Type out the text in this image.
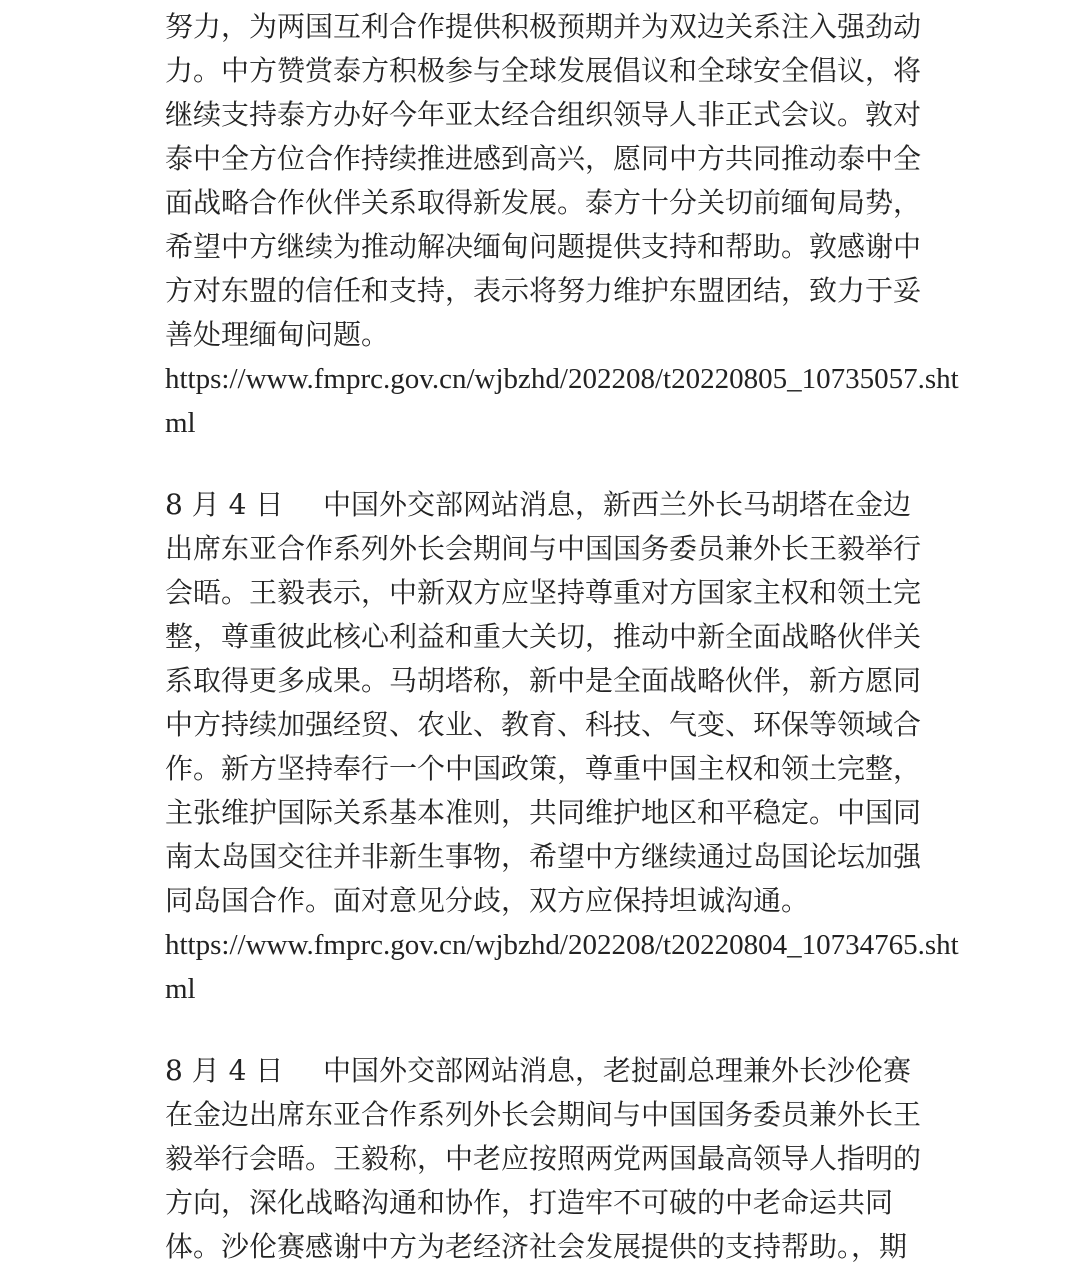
努力，为两国互利合作提供积极预期并为双边关系注入强劲动
力。中方赞赏泰方积极参与全球发展倡议和全球安全倡议，将
继续支持泰方办好今年亚太经合组织领导人非正式会议。敦对
泰中全方位合作持续推进感到高兴，愿同中方共同推动泰中全
面战略合作伙伴关系取得新发展。泰方十分关切前缅甸局势，
希望中方继续为推动解决缅甸问题提供支持和帮助。敦感谢中
方对东盟的信任和支持，表示将努力维护东盟团结，致力于妥
善处理缅甸问题。
https://www.fmprc.gov.cn/wjbzhd/202208/t20220805_10735057.sht
ml
8 月 4 日 中国外交部网站消息，新西兰外长马胡塔在金边
出席东亚合作系列外长会期间与中国国务委员兼外长王毅举行
会晤。王毅表示，中新双方应坚持尊重对方国家主权和领土完
整，尊重彼此核心利益和重大关切，推动中新全面战略伙伴关
系取得更多成果。马胡塔称，新中是全面战略伙伴，新方愿同
中方持续加强经贸、农业、教育、科技、气变、环保等领域合
作。新方坚持奉行一个中国政策，尊重中国主权和领土完整，
主张维护国际关系基本准则，共同维护地区和平稳定。中国同
南太岛国交往并非新生事物，希望中方继续通过岛国论坛加强
同岛国合作。面对意见分歧，双方应保持坦诚沟通。
https://www.fmprc.gov.cn/wjbzhd/202208/t20220804_10734765.sht
ml
8 月 4 日 中国外交部网站消息，老挝副总理兼外长沙伦赛
在金边出席东亚合作系列外长会期间与中国国务委员兼外长王
毅举行会晤。王毅称，中老应按照两党两国最高领导人指明的
方向，深化战略沟通和协作，打造牢不可破的中老命运共同
体。沙伦赛感谢中方为老经济社会发展提供的支持帮助。，期
